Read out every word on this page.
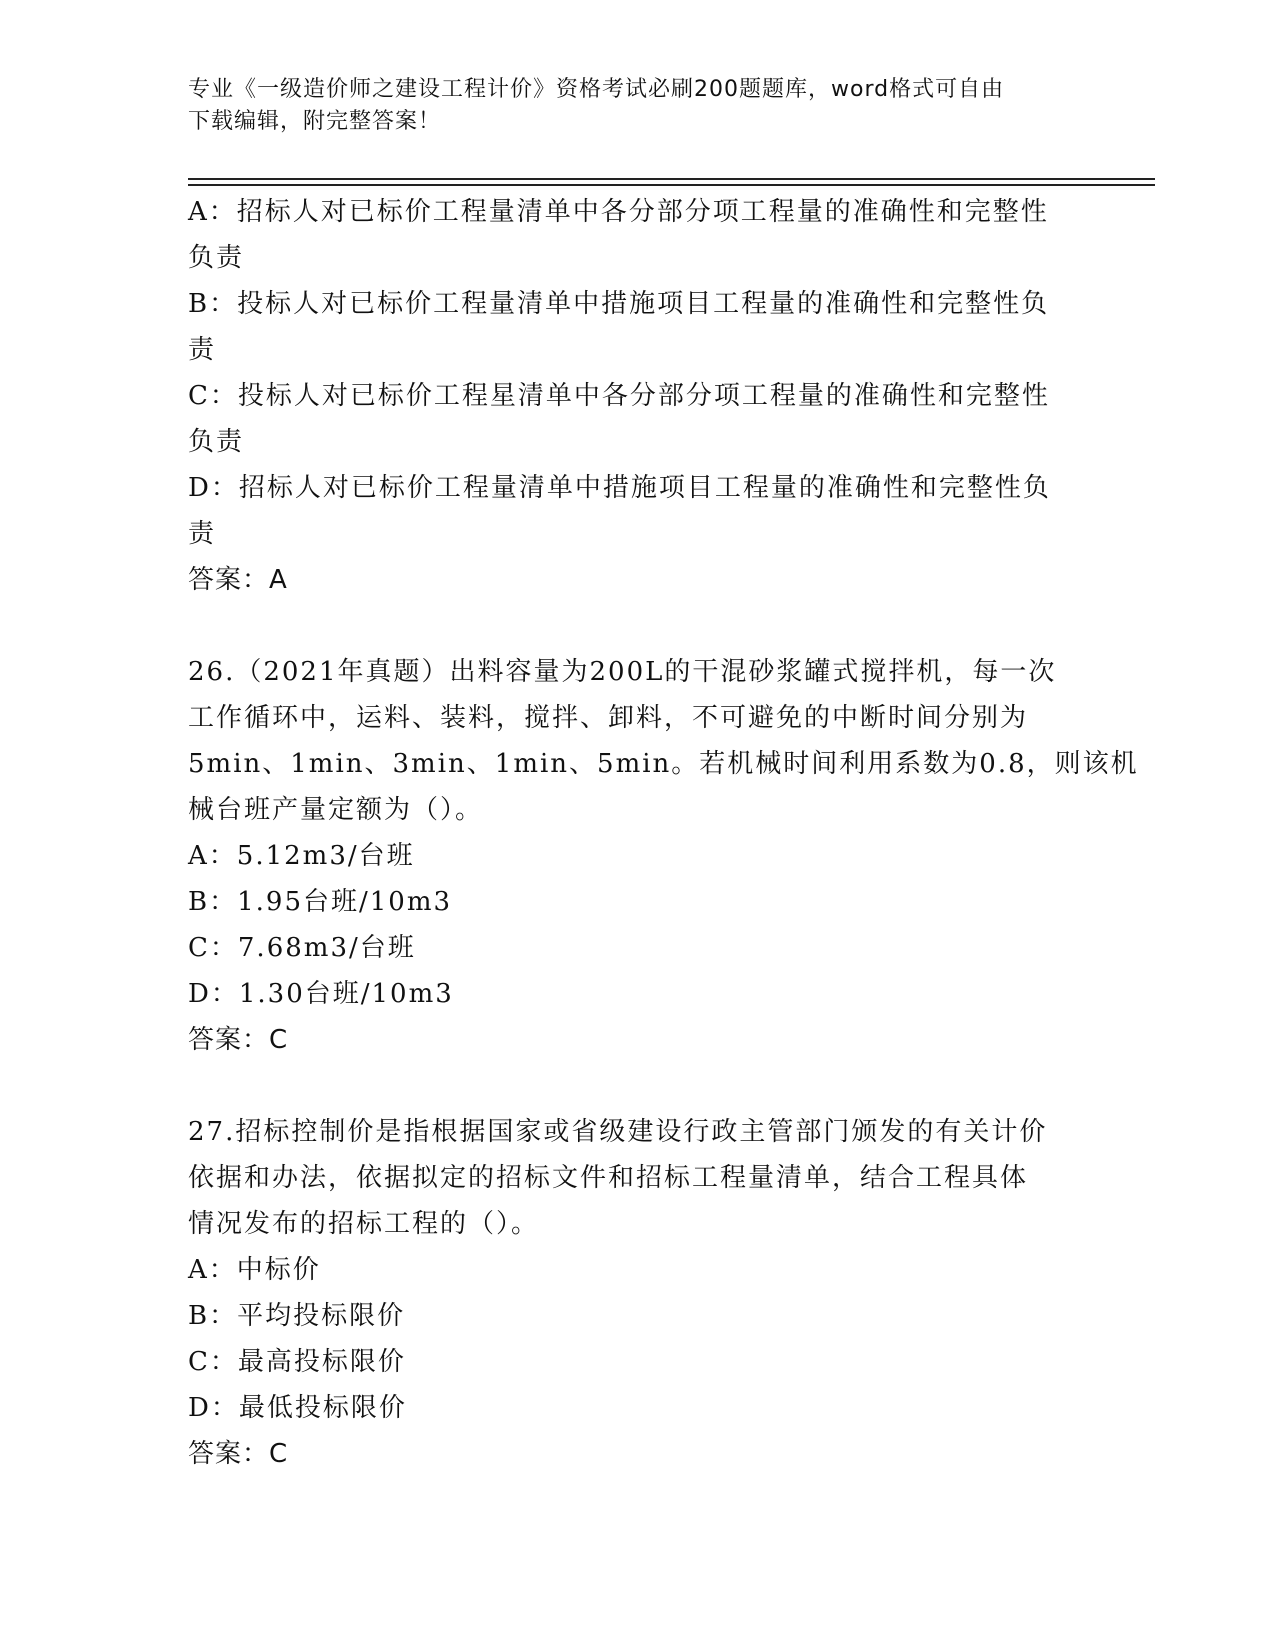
专业《一级造价师之建设工程计价》资格考试必刷200题题库，word格式可自由
下载编辑，附完整答案！
A：招标人对已标价工程量清单中各分部分项工程量的准确性和完整性
负责
B：投标人对已标价工程量清单中措施项目工程量的准确性和完整性负
责
C：投标人对已标价工程星清单中各分部分项工程量的准确性和完整性
负责
D：招标人对已标价工程量清单中措施项目工程量的准确性和完整性负
责
答案：A
26.（2021年真题）出料容量为200L的干混砂浆罐式搅拌机，每一次
工作循环中，运料、装料，搅拌、卸料，不可避免的中断时间分别为
5min、1min、3min、1min、5min。若机械时间利用系数为0.8，则该机
械台班产量定额为（）。
A：5.12m3/台班
B：1.95台班/10m3
C：7.68m3/台班
D：1.30台班/10m3
答案：C
27.招标控制价是指根据国家或省级建设行政主管部门颁发的有关计价
依据和办法，依据拟定的招标文件和招标工程量清单，结合工程具体
情况发布的招标工程的（）。
A：中标价
B：平均投标限价
C：最高投标限价
D：最低投标限价
答案：C
